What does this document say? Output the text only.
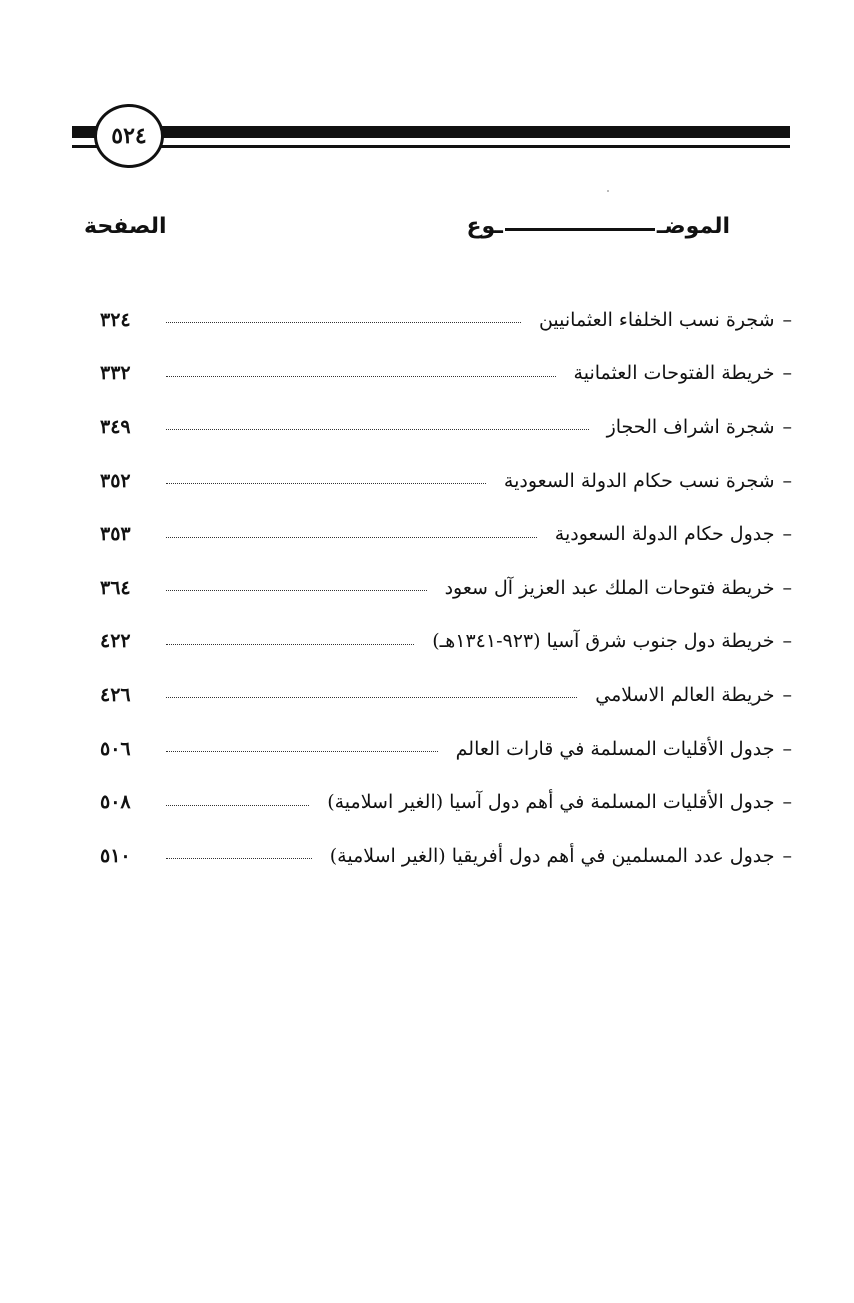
٥٢٤
الموضـ
ـوع
الصفحة
–
شجرة نسب الخلفاء العثمانيين
٣٢٤
–
خريطة الفتوحات العثمانية
٣٣٢
–
شجرة اشراف الحجاز
٣٤٩
–
شجرة نسب حكام الدولة السعودية
٣٥٢
–
جدول حكام الدولة السعودية
٣٥٣
–
خريطة فتوحات الملك عبد العزيز آل سعود
٣٦٤
–
خريطة دول جنوب شرق آسيا (٩٢٣-١٣٤١هـ)
٤٢٢
–
خريطة العالم الاسلامي
٤٢٦
–
جدول الأقليات المسلمة في قارات العالم
٥٠٦
–
جدول الأقليات المسلمة في أهم دول آسيا (الغير اسلامية)
٥٠٨
–
جدول عدد المسلمين في أهم دول أفريقيا (الغير اسلامية)
٥١٠
